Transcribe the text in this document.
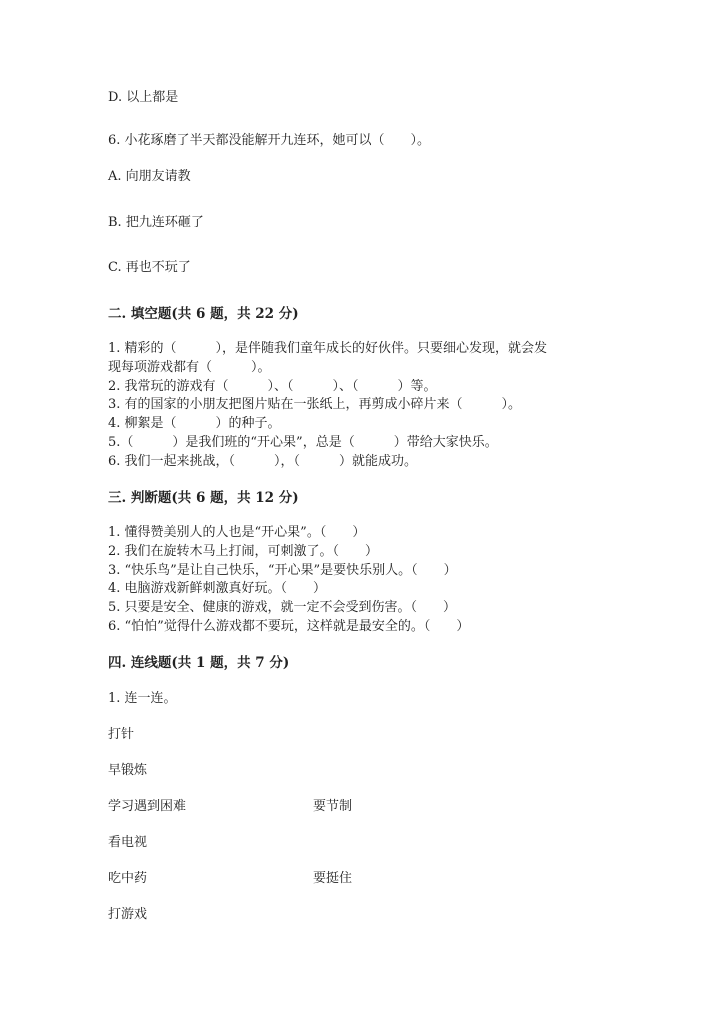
D. 以上都是
6. 小花琢磨了半天都没能解开九连环，她可以（　　）。
A. 向朋友请教
B. 把九连环砸了
C. 再也不玩了
二. 填空题(共 6 题，共 22 分)
1. 精彩的（　　　），是伴随我们童年成长的好伙伴。只要细心发现，就会发
现每项游戏都有（　　　）。
2. 我常玩的游戏有（　　　）、（　　　）、（　　　）等。
3. 有的国家的小朋友把图片贴在一张纸上，再剪成小碎片来（　　　）。
4. 柳絮是（　　　）的种子。
5.（　　　）是我们班的“开心果”，总是（　　　）带给大家快乐。
6. 我们一起来挑战，（　　　），（　　　）就能成功。
三. 判断题(共 6 题，共 12 分)
1. 懂得赞美别人的人也是“开心果”。（　　）
2. 我们在旋转木马上打闹，可刺激了。（　　）
3. “快乐鸟”是让自己快乐，“开心果”是要快乐别人。（　　）
4. 电脑游戏新鲜刺激真好玩。（　　）
5. 只要是安全、健康的游戏，就一定不会受到伤害。（　　）
6. “怕怕”觉得什么游戏都不要玩，这样就是最安全的。（　　）
四. 连线题(共 1 题，共 7 分)
1. 连一连。
打针
早锻炼
学习遇到困难	要节制
看电视
吃中药	要挺住
打游戏
